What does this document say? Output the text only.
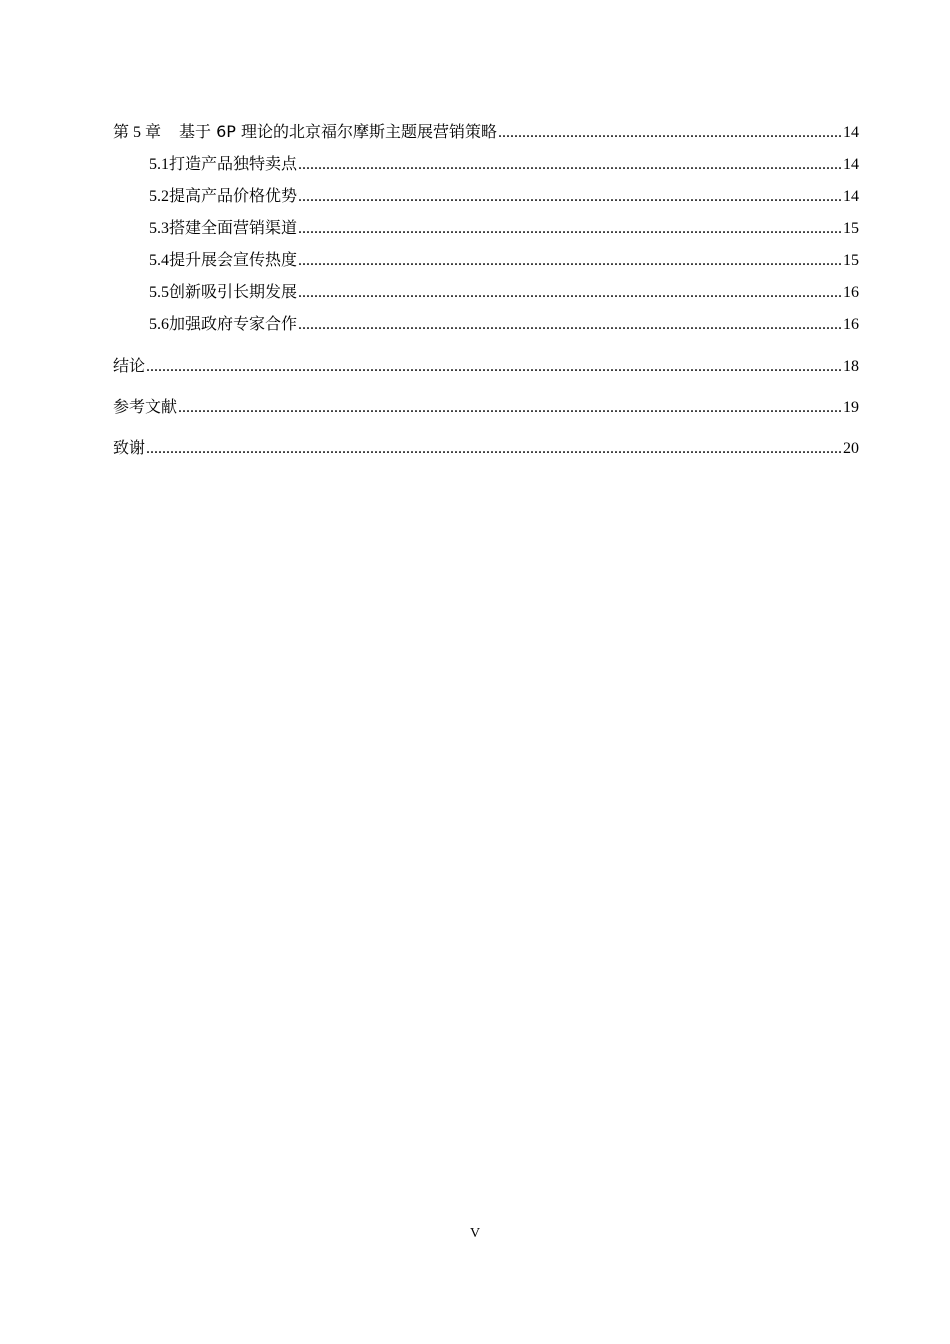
第 5 章 基于 6P 理论的北京福尔摩斯主题展营销策略 .....	14
5.1 打造产品独特卖点 .....	14
5.2 提高产品价格优势 .....	14
5.3 搭建全面营销渠道 .....	15
5.4 提升展会宣传热度 .....	15
5.5 创新吸引长期发展 .....	16
5.6 加强政府专家合作 .....	16
结论 .....	18
参考文献 .....	19
致谢 .....	20
V
